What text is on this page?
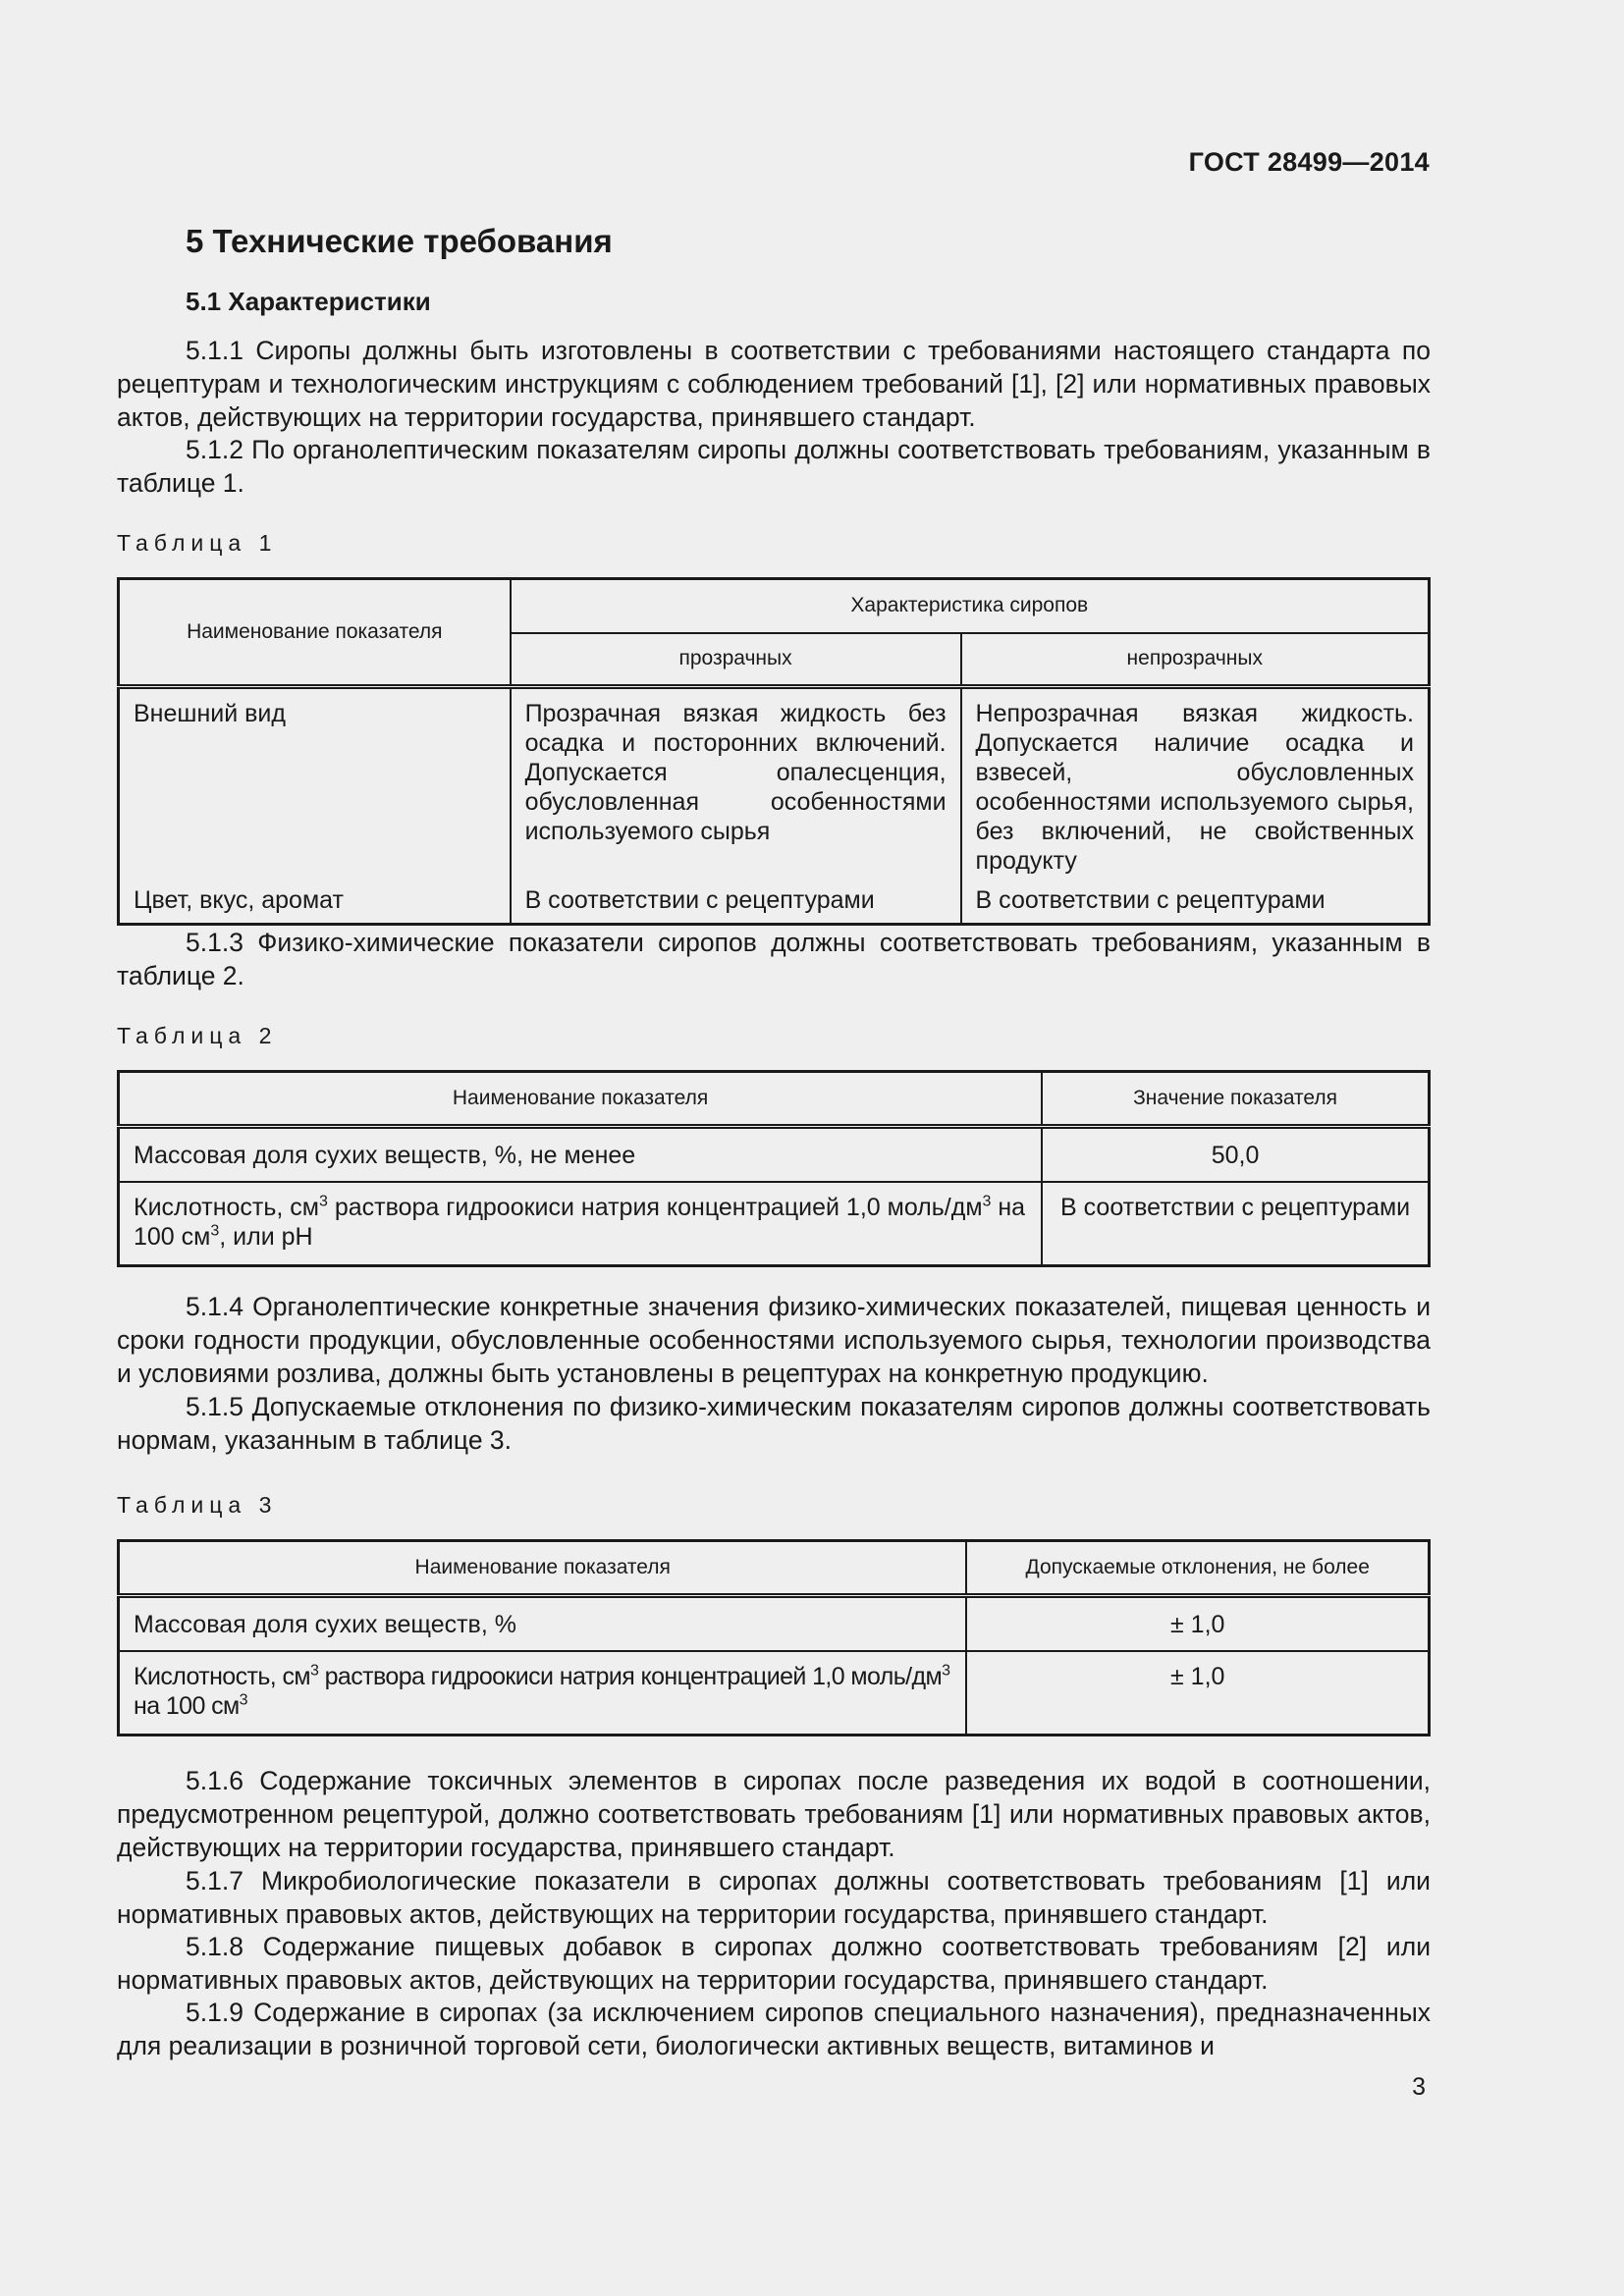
ГОСТ 28499—2014
5 Технические требования
5.1 Характеристики

5.1.1 Сиропы должны быть изготовлены в соответствии с требованиями настоящего стандарта по рецептурам и технологическим инструкциям с соблюдением требований [1], [2] или нормативных правовых актов, действующих на территории государства, принявшего стандарт.

5.1.2 По органолептическим показателям сиропы должны соответствовать требованиям, указанным в таблице 1.

Таблица 1
Наименование показателя	Характеристика сиропов	
	прозрачных	непрозрачных
Внешний вид	Прозрачная вязкая жидкость без осадка и посторонних включений. Допускается опалесценция, обусловленная особенностями используемого сырья	Непрозрачная вязкая жидкость. Допускается наличие осадка и взвесей, обусловленных особенностями используемого сырья, без включений, не свойственных продукту
Цвет, вкус, аромат	В соответствии с рецептурами	В соответствии с рецептурами

5.1.3 Физико-химические показатели сиропов должны соответствовать требованиям, указанным в таблице 2.

Таблица 2
Наименование показателя	Значение показателя
Массовая доля сухих веществ, %, не менее	50,0
Кислотность, $см^3$ раствора гидроокиси натрия концентрацией 1,0 моль/$дм^3$ на 100 $см^3$, или pH	В соответствии с рецептурами

5.1.4 Органолептические конкретные значения физико-химических показателей, пищевая ценность и сроки годности продукции, обусловленные особенностями используемого сырья, технологии производства и условиями розлива, должны быть установлены в рецептурах на конкретную продукцию.

5.1.5 Допускаемые отклонения по физико-химическим показателям сиропов должны соответствовать нормам, указанным в таблице 3.

Таблица 3
Наименование показателя	Допускаемые отклонения, не более
Массовая доля сухих веществ, %	± 1,0
Кислотность, $см^3$ раствора гидроокиси натрия концентрацией 1,0 моль/$дм^3$ на 100 $см^3$	± 1,0

5.1.6 Содержание токсичных элементов в сиропах после разведения их водой в соотношении, предусмотренном рецептурой, должно соответствовать требованиям [1] или нормативных правовых актов, действующих на территории государства, принявшего стандарт.

5.1.7 Микробиологические показатели в сиропах должны соответствовать требованиям [1] или нормативных правовых актов, действующих на территории государства, принявшего стандарт.

5.1.8 Содержание пищевых добавок в сиропах должно соответствовать требованиям [2] или нормативных правовых актов, действующих на территории государства, принявшего стандарт.

5.1.9 Содержание в сиропах (за исключением сиропов специального назначения), предназначенных для реализации в розничной торговой сети, биологически активных веществ, витаминов и

3
